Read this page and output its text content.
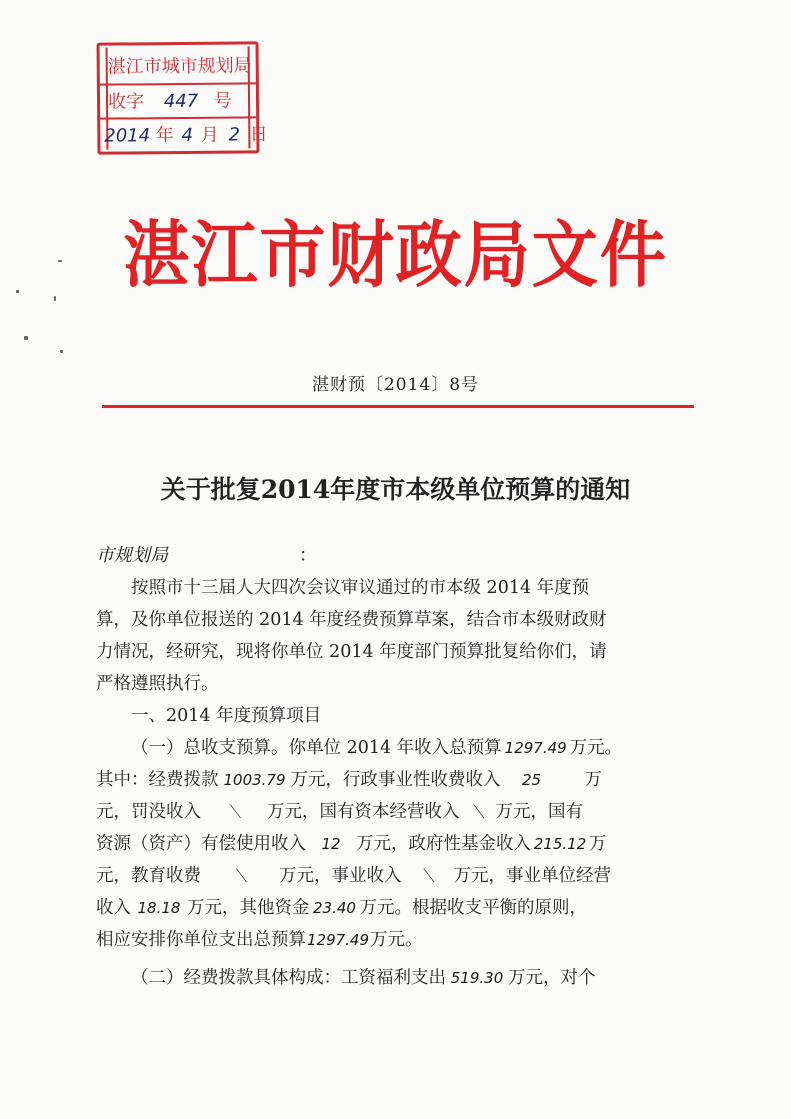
湛江市城市规划局
收字 447 号
2014 年 4 月 2 日
湛江市财政局文件
湛财预〔2014〕8号
关于批复2014年度市本级单位预算的通知
市规划局	：
按照市十三届人大四次会议审议通过的市本级 2014 年度预
算，及你单位报送的 2014 年度经费预算草案，结合市本级财政财
力情况，经研究，现将你单位 2014 年度部门预算批复给你们，请
严格遵照执行。
一、2014 年度预算项目
（一）总收支预算。你单位 2014 年收入总预算 1297.49 万元。
其中：经费拨款 1003.79 万元，行政事业性收费收入 25 万
元，罚没收入 ＼ 万元，国有资本经营收入 ＼ 万元，国有
资源（资产）有偿使用收入 12 万元，政府性基金收入 215.12 万
元，教育收费 ＼ 万元，事业收入 ＼ 万元，事业单位经营
收入 18.18 万元，其他资金 23.40 万元。根据收支平衡的原则，
相应安排你单位支出总预算1297.49万元。
（二）经费拨款具体构成：工资福利支出 519.30 万元，对个
